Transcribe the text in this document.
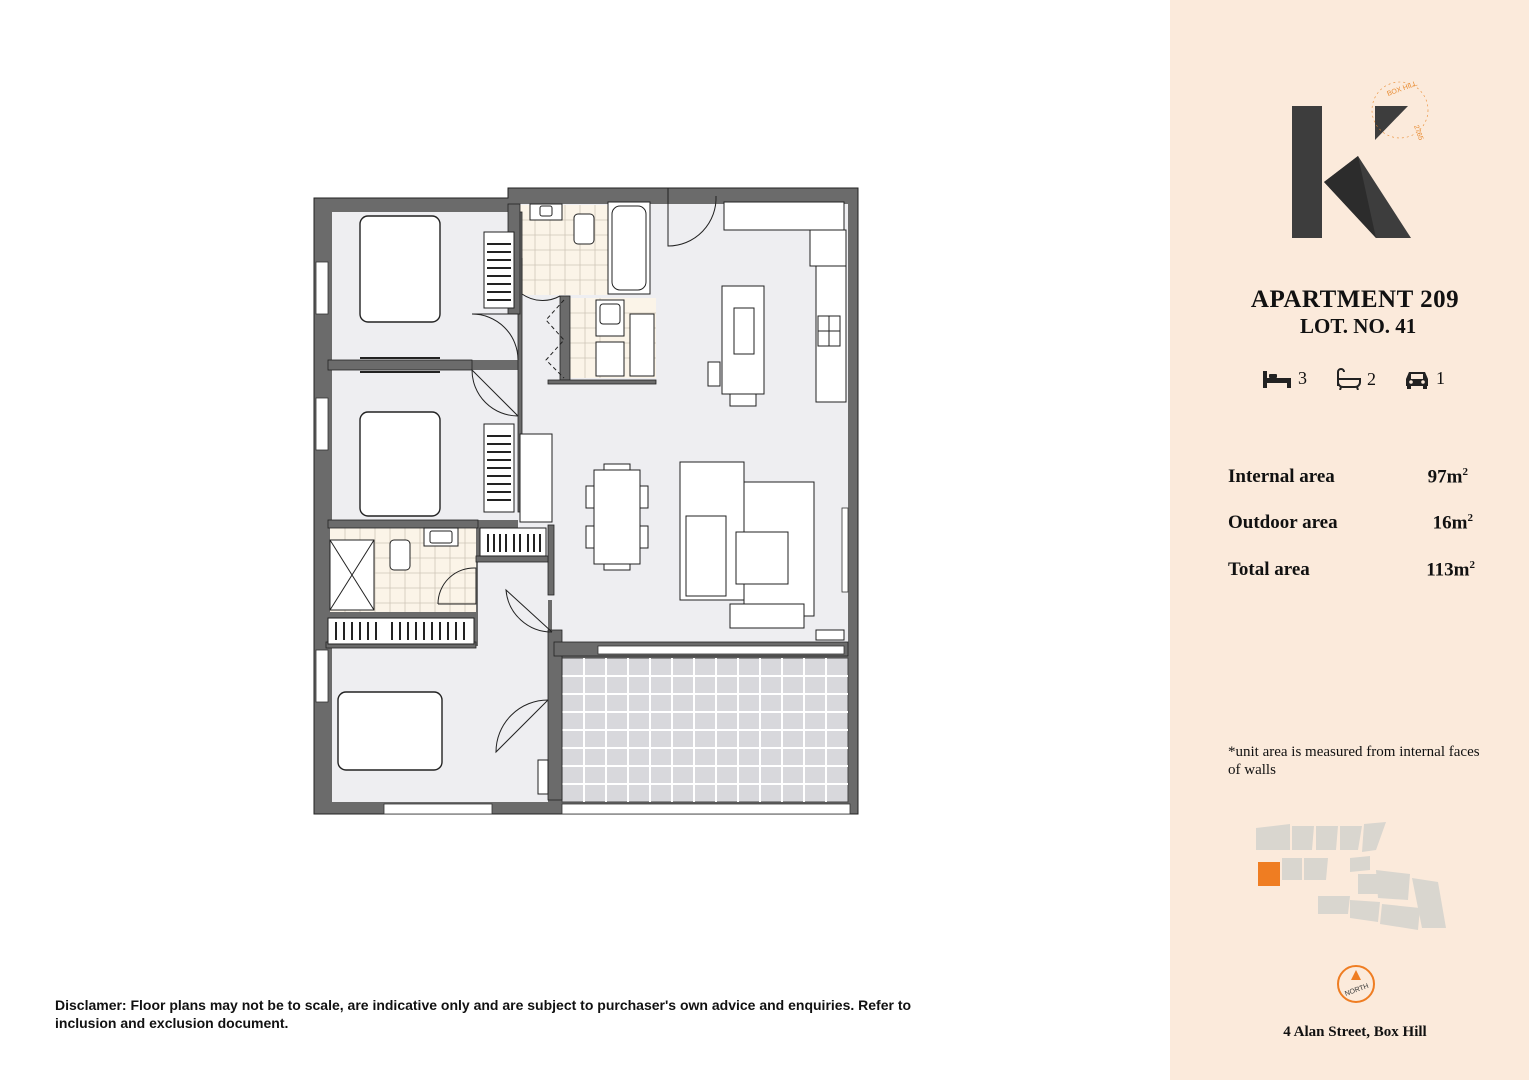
Disclamer: Floor plans may not be to scale, are indicative only and are subject to purchaser's own advice and enquiries. Refer to inclusion and exclusion document.
BOX HILL
2765
APARTMENT 209
LOT. NO. 41
3	2	1
Internal area	$97m^2$
Outdoor area	$16m^2$
Total area	$113m^2$
*unit area is measured from internal faces of walls
NORTH
4 Alan Street, Box Hill
